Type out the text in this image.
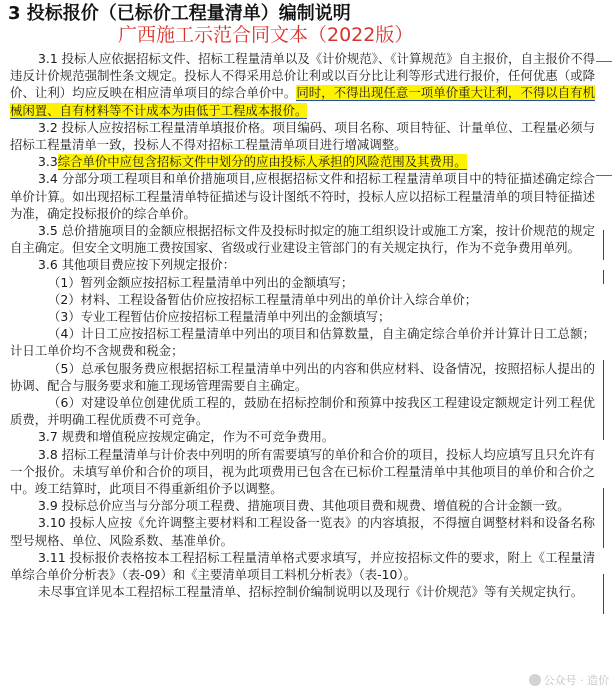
3 投标报价（已标价工程量清单）编制说明
广西施工示范合同文本（2022版）

3.1 投标人应依据招标文件、招标工程量清单以及《计价规范》、《计算规范》自主报价，自主报价不得违反计价规范强制性条文规定。投标人不得采用总价让利或以百分比让利等形式进行报价，任何优惠（或降价、让利）均应反映在相应清单项目的综合单价中。同时，不得出现任意一项单价重大让利，不得以自有机械闲置、自有材料等不计成本为由低于工程成本报价。

3.2 投标人应按招标工程量清单填报价格。项目编码、项目名称、项目特征、计量单位、工程量必须与招标工程量清单一致，投标人不得对招标工程量清单项目进行增减调整。

3.3综合单价中应包含招标文件中划分的应由投标人承担的风险范围及其费用。

3.4 分部分项工程项目和单价措施项目,应根据招标文件和招标工程量清单项目中的特征描述确定综合单价计算。如出现招标工程量清单特征描述与设计图纸不符时，投标人应以招标工程量清单的项目特征描述为准，确定投标报价的综合单价。

3.5 总价措施项目的金额应根据招标文件及投标时拟定的施工组织设计或施工方案，按计价规范的规定自主确定。但安全文明施工费按国家、省级或行业建设主管部门的有关规定执行，作为不竞争费用单列。

3.6 其他项目费应按下列规定报价：

（1）暂列金额应按招标工程量清单中列出的金额填写；

（2）材料、工程设备暂估价应按招标工程量清单中列出的单价计入综合单价；

（3）专业工程暂估价应按招标工程量清单中列出的金额填写；

（4）计日工应按招标工程量清单中列出的项目和估算数量，自主确定综合单价并计算计日工总额；计日工单价均不含规费和税金；

（5）总承包服务费应根据招标工程量清单中列出的内容和供应材料、设备情况，按照招标人提出的协调、配合与服务要求和施工现场管理需要自主确定。

（6）对建设单位创建优质工程的，鼓励在招标控制价和预算中按我区工程建设定额规定计列工程优质费，并明确工程优质费不可竞争。

3.7 规费和增值税应按规定确定，作为不可竞争费用。

3.8 招标工程量清单与计价表中列明的所有需要填写的单价和合价的项目，投标人均应填写且只允许有一个报价。未填写单价和合价的项目，视为此项费用已包含在已标价工程量清单中其他项目的单价和合价之中。竣工结算时，此项目不得重新组价予以调整。

3.9 投标总价应当与分部分项工程费、措施项目费、其他项目费和规费、增值税的合计金额一致。

3.10 投标人应按《允许调整主要材料和工程设备一览表》的内容填报，不得擅自调整材料和设备名称型号规格、单位、风险系数、基准单价。

3.11 投标报价表格按本工程招标工程量清单格式要求填写，并应按招标文件的要求，附上《工程量清单综合单价分析表》（表-09）和《主要清单项目工料机分析表》（表-10）。

未尽事宜详见本工程招标工程量清单、招标控制价编制说明以及现行《计价规范》等有关规定执行。

公众号 · 造价
